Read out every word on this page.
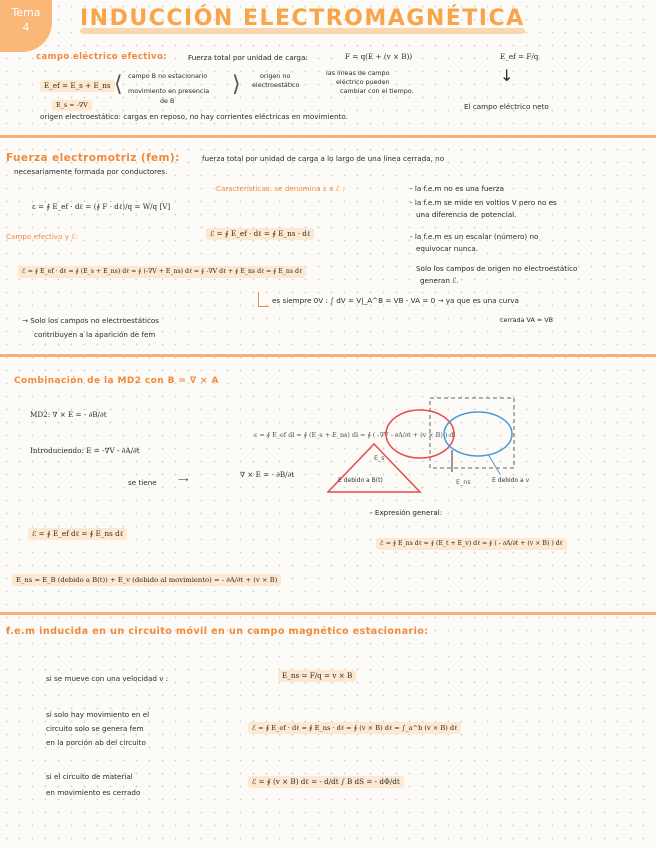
Tema
4	INDUCCIÓN ELECTROMAGNÉTICA
campo eléctrico efectivo:	Fuerza total por unidad de carga:	F = q(E + (v × B))
E_ef = E_s + E_ns ⟨ campo B no estacionario
movimiento en presencia
de B
⟩	origen no
electroestático
las líneas de campo
eléctrico pueden
cambiar con el tiempo.
E_s = -∇V
origen electroestático: cargas en reposo, no hay corrientes eléctricas en movimiento.
E_ef = F/q
↓
El campo eléctrico neto
Fuerza electromotriz (fem):	fuerza total por unidad de carga a lo largo de una línea cerrada, no
necesariamente formada por conductores.
ε = ∮ E_ef · dℓ = (∮ F · dℓ)/q = W/q [V]
Características: se denomina ε o ℰ :	- la f.e.m no es una fuerza
- la f.e.m se mide en voltios V pero no es
una diferencia de potencial.
- la f.e.m es un escalar (número) no
equivocar nunca.
Solo los campos de origen no electroestático
generan ℰ.
Campo efectivo y ℰ:	ℰ = ∮ E_ef · dℓ = ∮ E_ns · dℓ
ℰ = ∮ E_ef · dℓ = ∮ (E_s + E_ns) dℓ = ∮ (-∇V + E_ns) dℓ = ∮ -∇V dℓ + ∮ E_ns dℓ = ∮ E_ns dℓ
es siempre 0V : ∫ dV = V|_A^B = VB - VA = 0 → ya que es una curva
cerrada VA = VB
→ Solo los campos no electroestáticos
contribuyen a la aparición de fem
Combinación de la MD2 con B = ∇ × A
MD2: ∇ × E = - ∂B/∂t
Introduciendo: E = -∇V - ∂A/∂t
se tiene	⟶
∇ × E = - ∂B/∂t
ε = ∮ E_ef dl = ∮ (E_s + E_ns) dl = ∮ ( -∇V - ∂A/∂t + (v × B) ) dl
E debido a B(t)	E debido a v
E_ns
E_s
ℰ = ∮ E_ef dℓ = ∮ E_ns dℓ
- Expresión general:
ℰ = ∮ E_ns dℓ = ∮ (E_t + E_v) dℓ = ∮ ( - ∂A/∂t + (v × B) ) dℓ
E_ns = E_B (debido a B(t)) + E_v (debido al movimiento) = - ∂A/∂t + (v × B)
f.e.m inducida en un circuito móvil en un campo magnético estacionario:
si se mueve con una velocidad v :	E_ns = F/q = v × B
si solo hay movimiento en el
circuito solo se genera fem
en la porción ab del circuito
ℰ = ∮ E_ef · dℓ = ∮ E_ns · dℓ = ∮ (v × B) dℓ = ∫_a^b (v × B) dℓ
si el circuito de material
en movimiento es cerrado
ℰ = ∮ (v × B) dℓ = - d/dt ∫ B dS = - dΦ/dt
